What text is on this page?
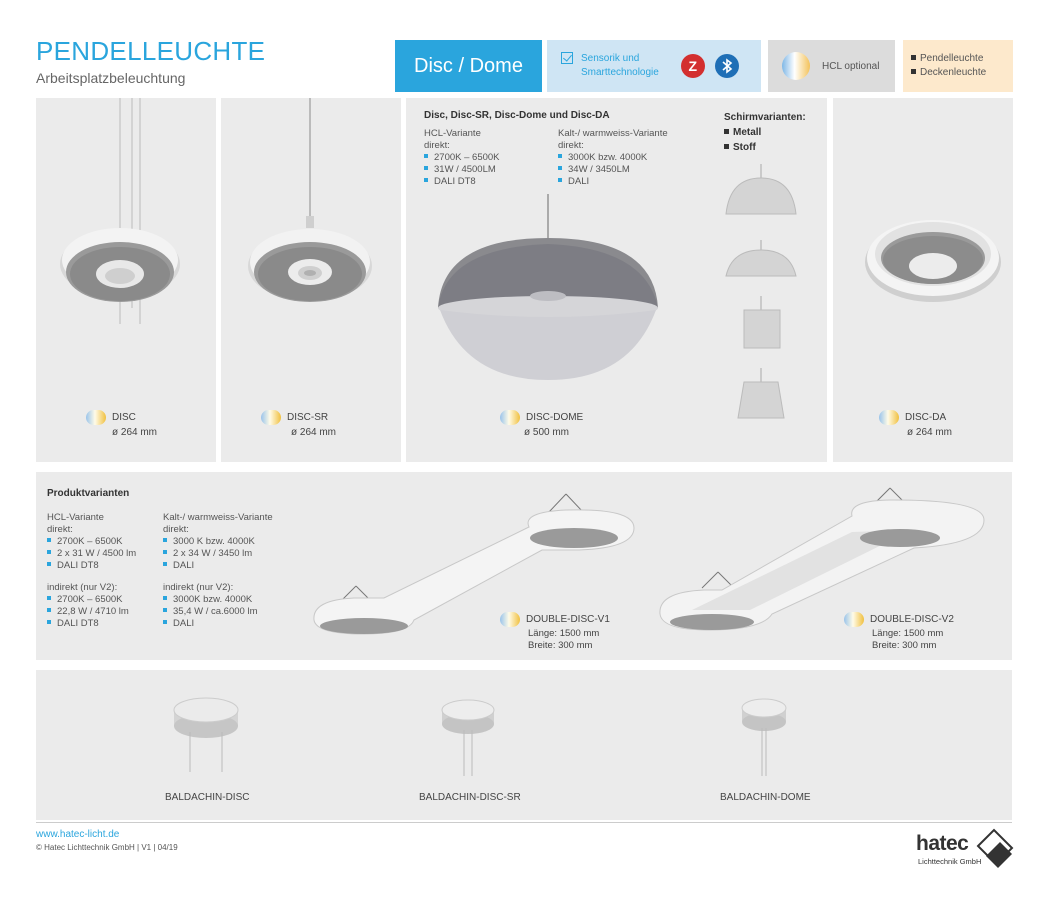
PENDELLEUCHTE
Arbeitsplatzbeleuchtung
Disc / Dome	Sensorik und
Smarttechnologie	Z	HCL optional
Pendelleuchte
Deckenleuchte
DISC
ø 264 mm
DISC-SR
ø 264 mm
Disc, Disc-SR, Disc-Dome und Disc-DA
HCL-Variante
direkt:
2700K – 6500K
31W / 4500LM
DALI DT8
Kalt-/ warmweiss-Variante
direkt:
3000K bzw. 4000K
34W / 3450LM
DALI
Schirmvarianten:
Metall
Stoff
DISC-DOME
ø 500 mm
DISC-DA
ø 264 mm
Produktvarianten
HCL-Variante
direkt:
2700K – 6500K
2 x 31 W / 4500 lm
DALI DT8
indirekt (nur V2):
2700K – 6500K
22,8 W / 4710 lm
DALI DT8
Kalt-/ warmweiss-Variante
direkt:
3000 K bzw. 4000K
2 x 34 W / 3450 lm
DALI
indirekt (nur V2):
3000K bzw. 4000K
35,4 W / ca.6000 lm
DALI	DOUBLE-DISC-V1
Länge: 1500 mm
Breite: 300 mm
DOUBLE-DISC-V2
Länge: 1500 mm
Breite: 300 mm
BALDACHIN-DISC	BALDACHIN-DISC-SR	BALDACHIN-DOME
www.hatec-licht.de
© Hatec Lichttechnik GmbH | V1 | 04/19	hatec
Lichttechnik GmbH
